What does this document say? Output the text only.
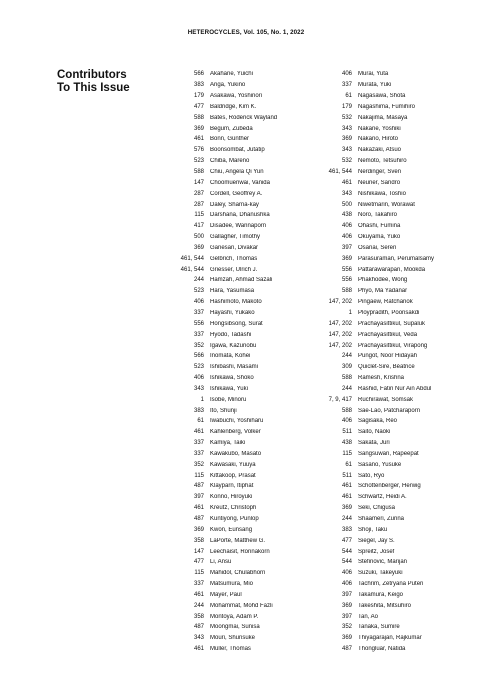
HETEROCYCLES, Vol. 105, No. 1, 2022
Contributors
To This Issue
566	Akahane, Yuichi
383	Ariga, Yukino
179	Asakawa, Yoshinori
477	Baldridge, Kim K.
588	Bates, Roderick Wayland
369	Begum, Zubeda
461	Bonn, Günther
576	Boonsombat, Jutatip
523	Chiba, Mareno
588	Chiu, Angela Qi Yun
147	Choomuenwai, Vanida
287	Cordell, Geoffrey A.
287	Daley, Sharna-kay
115	Darshana, Dhanushka
417	Disadee, Wannaporn
500	Gallagher, Timothy
369	Ganesan, Divakar
461, 544	Gelbrich, Thomas
461, 544	Griesser, Ulrich J.
244	Hamzah, Ahmad Sazali
523	Hara, Yasumasa
406	Hashimoto, Makoto
337	Hayashi, Yukako
556	Hongsibsong, Surat
337	Hyodo, Tadashi
352	Igawa, Kazunobu
566	Inomata, Kohei
523	Ishibashi, Masami
406	Ishikawa, Shoko
343	Ishikawa, Yuki
1	Isobe, Minoru
383	Ito, Shunji
61	Iwabuchi, Yoshiharu
461	Kahlenberg, Volker
337	Kamiya, Taiki
337	Kawakubo, Masato
352	Kawasaki, Yuuya
115	Kittakoop, Prasat
487	Klayparn, Itiphat
397	Konno, Hiroyuki
461	Kreutz, Christoph
487	Kuntiyong, Punlop
369	Kwon, Eunsang
358	LaPorte, Matthew G.
147	Leechaisit, Ronnakorn
477	Li, Ansu
115	Mahidol, Chulabhorn
337	Matsumura, Mio
461	Mayer, Paul
244	Mohammat, Mohd Fazli
358	Montoya, Adam P.
487	Moongmai, Sunisa
343	Mouri, Shunsuke
461	Müller, Thomas
406	Murai, Yuta
337	Murata, Yuki
61	Nagasawa, Shota
179	Nagashima, Fumihiro
532	Nakajima, Masaya
343	Nakane, Yoshiki
369	Nakano, Hiroto
343	Nakazaki, Atsuo
532	Nemoto, Tetsuhiro
461, 544	Nerdinger, Sven
461	Neuner, Sandro
343	Nishikawa, Toshio
500	Niwetmarin, Worawat
438	Noro, Takahiro
406	Ohashi, Fumina
406	Okuyama, Yuko
397	Osanai, Seren
369	Parasuraman, Perumalsamy
556	Pattarawarapan, Mookda
556	Phakhodee, Wong
588	Phyo, Ma Yadanar
147, 202	Pingaew, Ratchanok
1	Ploypradith, Poonsakdi
147, 202	Prachayasittikul, Supaluk
147, 202	Prachayasittikul, Veda
147, 202	Prachayasittikul, Virapong
244	Pungot, Noor Hidayah
309	Quiclet-Sire, Béatrice
588	Ramesh, Krishna
244	Rashid, Fatin Nur Ain Abdul
7, 9, 417	Ruchirawat, Somsak
588	Sae-Lao, Patcharaporn
406	Sagisaka, Reo
511	Saito, Naoki
438	Sakata, Juri
115	Sangsuwan, Rapeepat
61	Sasano, Yusuke
511	Sato, Ryo
461	Schottenberger, Herwig
461	Schwartz, Heidi A.
369	Seki, Chigusa
244	Shaameri, Zurina
383	Shoji, Taku
477	Siegel, Jay S.
544	Spreitz, Josef
544	Stefinovic, Marijan
406	Suzuki, Takeyuki
406	Tachrim, Zetryana Puteri
397	Takamura, Keigo
369	Takeshita, Mitsuhiro
397	Tan, Ao
352	Tanaka, Sumire
369	Thiyagarajan, Rajkumar
487	Thongluar, Natida
